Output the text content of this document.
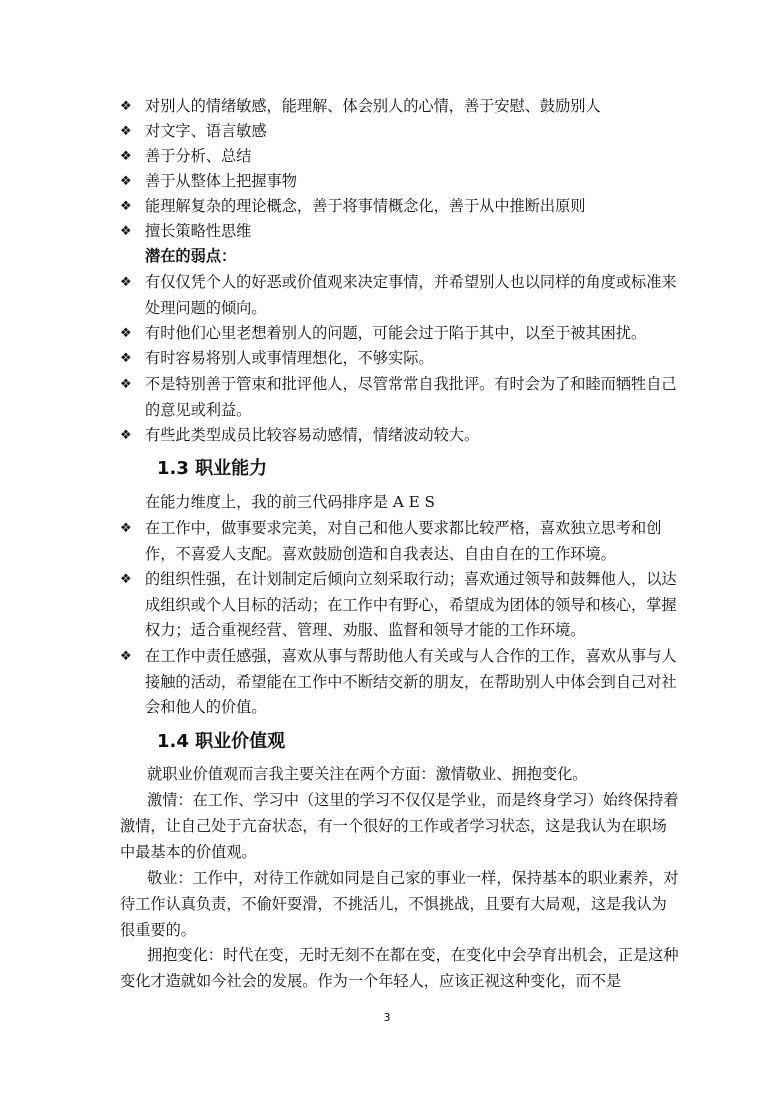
❖ 对别人的情绪敏感，能理解、体会别人的心情，善于安慰、鼓励别人
❖ 对文字、语言敏感
❖ 善于分析、总结
❖ 善于从整体上把握事物
❖ 能理解复杂的理论概念，善于将事情概念化，善于从中推断出原则
❖ 擅长策略性思维
潜在的弱点：
❖ 有仅仅凭个人的好恶或价值观来决定事情，并希望别人也以同样的角度或标准来处理问题的倾向。
❖ 有时他们心里老想着别人的问题，可能会过于陷于其中，以至于被其困扰。
❖ 有时容易将别人或事情理想化，不够实际。
❖ 不是特别善于管束和批评他人，尽管常常自我批评。有时会为了和睦而牺牲自己的意见或利益。
❖ 有些此类型成员比较容易动感情，情绪波动较大。
1.3 职业能力
在能力维度上，我的前三代码排序是 A E S
❖ 在工作中，做事要求完美，对自己和他人要求都比较严格，喜欢独立思考和创作，不喜爱人支配。喜欢鼓励创造和自我表达、自由自在的工作环境。
❖ 的组织性强，在计划制定后倾向立刻采取行动；喜欢通过领导和鼓舞他人，以达成组织或个人目标的活动；在工作中有野心，希望成为团体的领导和核心，掌握权力；适合重视经营、管理、劝服、监督和领导才能的工作环境。
❖ 在工作中责任感强，喜欢从事与帮助他人有关或与人合作的工作，喜欢从事与人接触的活动，希望能在工作中不断结交新的朋友，在帮助别人中体会到自己对社会和他人的价值。
1.4 职业价值观
就职业价值观而言我主要关注在两个方面：激情敬业、拥抱变化。
激情：在工作、学习中（这里的学习不仅仅是学业，而是终身学习）始终保持着激情，让自己处于亢奋状态，有一个很好的工作或者学习状态，这是我认为在职场中最基本的价值观。
敬业：工作中，对待工作就如同是自己家的事业一样，保持基本的职业素养，对待工作认真负责，不偷奸耍滑，不挑活儿，不惧挑战，且要有大局观，这是我认为很重要的。
拥抱变化：时代在变，无时无刻不在都在变，在变化中会孕育出机会，正是这种变化才造就如今社会的发展。作为一个年轻人，应该正视这种变化，而不是
3
